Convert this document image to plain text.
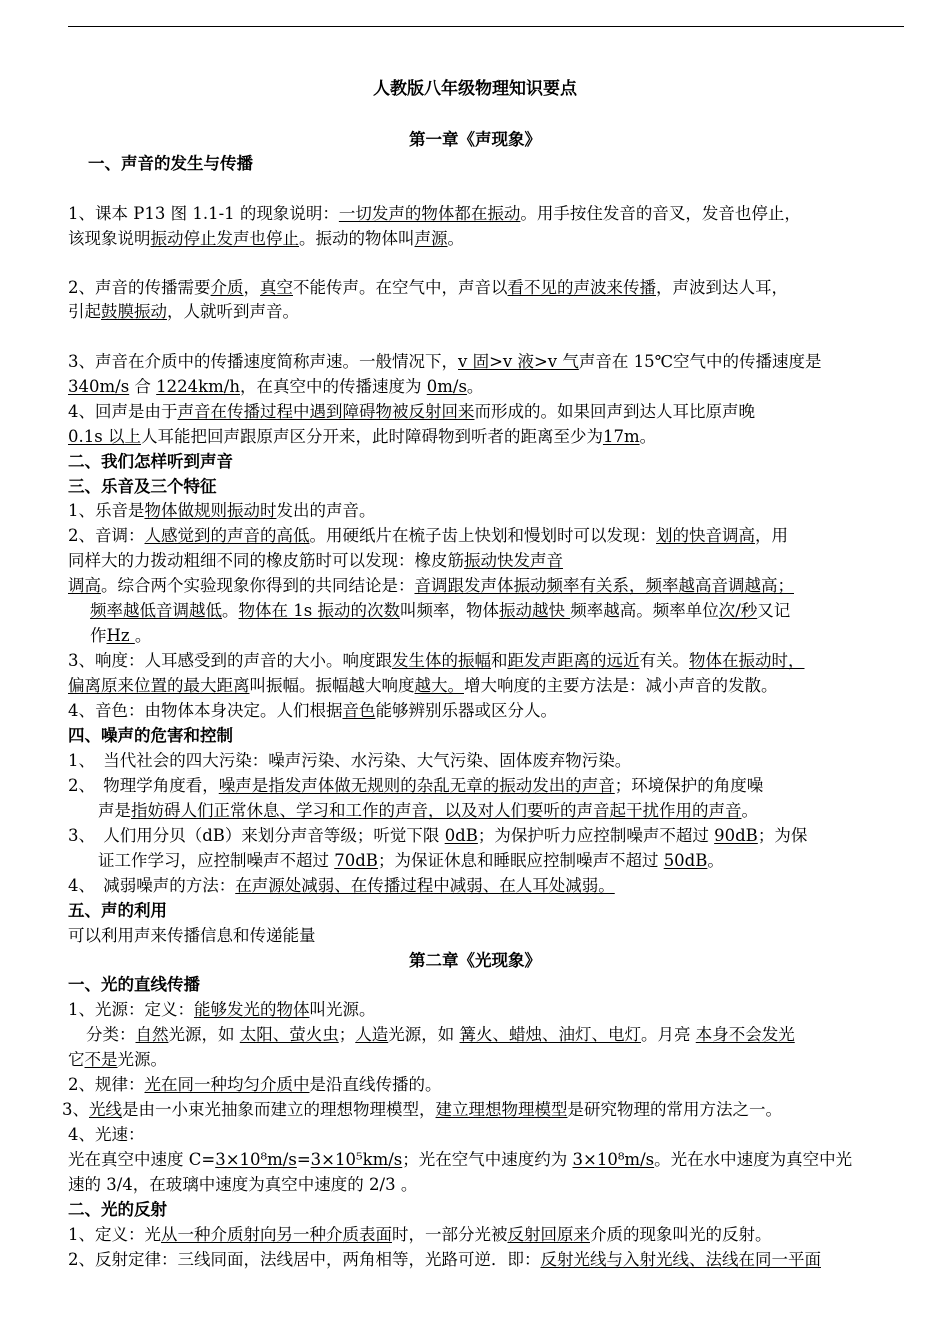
人教版八年级物理知识要点
第一章《声现象》
一、声音的发生与传播
1、课本 P13 图 1.1-1 的现象说明：一切发声的物体都在振动。用手按住发音的音叉，发音也停止，
该现象说明振动停止发声也停止。振动的物体叫声源。
2、声音的传播需要介质，真空不能传声。在空气中，声音以看不见的声波来传播，声波到达人耳，
引起鼓膜振动，人就听到声音。
3、声音在介质中的传播速度简称声速。一般情况下，v 固>v 液>v 气声音在 15℃空气中的传播速度是
340m/s 合 1224km/h，在真空中的传播速度为 0m/s。
4、回声是由于声音在传播过程中遇到障碍物被反射回来而形成的。如果回声到达人耳比原声晚
0.1s 以上人耳能把回声跟原声区分开来，此时障碍物到听者的距离至少为17m。
二、我们怎样听到声音
三、乐音及三个特征
1、乐音是物体做规则振动时发出的声音。
2、音调：人感觉到的声音的高低。用硬纸片在梳子齿上快划和慢划时可以发现：划的快音调高，用
同样大的力拨动粗细不同的橡皮筋时可以发现：橡皮筋振动快发声音
调高。综合两个实验现象你得到的共同结论是：音调跟发声体振动频率有关系，频率越高音调越高；
频率越低音调越低。物体在 1s 振动的次数叫频率，物体振动越快 频率越高。频率单位次/秒又记
作Hz 。
3、响度：人耳感受到的声音的大小。响度跟发生体的振幅和距发声距离的远近有关。物体在振动时，
偏离原来位置的最大距离叫振幅。振幅越大响度越大。增大响度的主要方法是：减小声音的发散。
4、音色：由物体本身决定。人们根据音色能够辨别乐器或区分人。
四、噪声的危害和控制
1、　当代社会的四大污染：噪声污染、水污染、大气污染、固体废弃物污染。
2、　物理学角度看，噪声是指发声体做无规则的杂乱无章的振动发出的声音；环境保护的角度噪
声是指妨碍人们正常休息、学习和工作的声音，以及对人们要听的声音起干扰作用的声音。
3、　人们用分贝（dB）来划分声音等级；听觉下限 0dB；为保护听力应控制噪声不超过 90dB；为保
证工作学习，应控制噪声不超过 70dB；为保证休息和睡眠应控制噪声不超过 50dB。
4、　减弱噪声的方法：在声源处减弱、在传播过程中减弱、在人耳处减弱。
五、声的利用
可以利用声来传播信息和传递能量
第二章《光现象》
一、光的直线传播
1、光源：定义：能够发光的物体叫光源。
分类：自然光源，如 太阳、萤火虫；人造光源，如 篝火、蜡烛、油灯、电灯。月亮 本身不会发光
它不是光源。
2、规律：光在同一种均匀介质中是沿直线传播的。
3、光线是由一小束光抽象而建立的理想物理模型，建立理想物理模型是研究物理的常用方法之一。
4、光速：
光在真空中速度 C=3×10⁸m/s=3×10⁵km/s；光在空气中速度约为 3×10⁸m/s。光在水中速度为真空中光
速的 3/4，在玻璃中速度为真空中速度的 2/3 。
二、光的反射
1、定义：光从一种介质射向另一种介质表面时，一部分光被反射回原来介质的现象叫光的反射。
2、反射定律：三线同面，法线居中，两角相等，光路可逆．即：反射光线与入射光线、法线在同一平面
